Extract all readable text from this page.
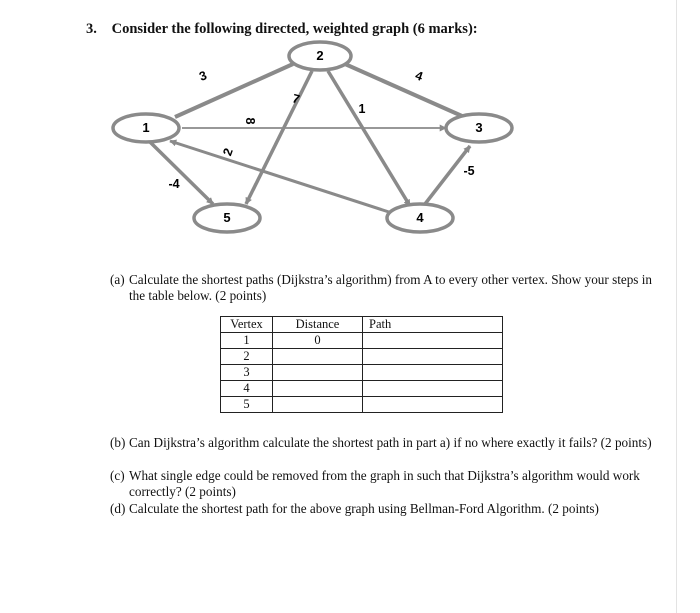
3. Consider the following directed, weighted graph (6 marks):
3	4
8
7
1
2
-5
-4
1
2
3
4
5
(a) Calculate the shortest paths (Dijkstra’s algorithm) from A to every other vertex. Show your steps in the table below. (2 points)
Vertex	Distance	Path
1	0	
2		
3		
4		
5		
(b) Can Dijkstra’s algorithm calculate the shortest path in part a) if no where exactly it fails? (2 points)
(c) What single edge could be removed from the graph in such that Dijkstra’s algorithm would work correctly? (2 points)
(d) Calculate the shortest path for the above graph using Bellman-Ford Algorithm. (2 points)
